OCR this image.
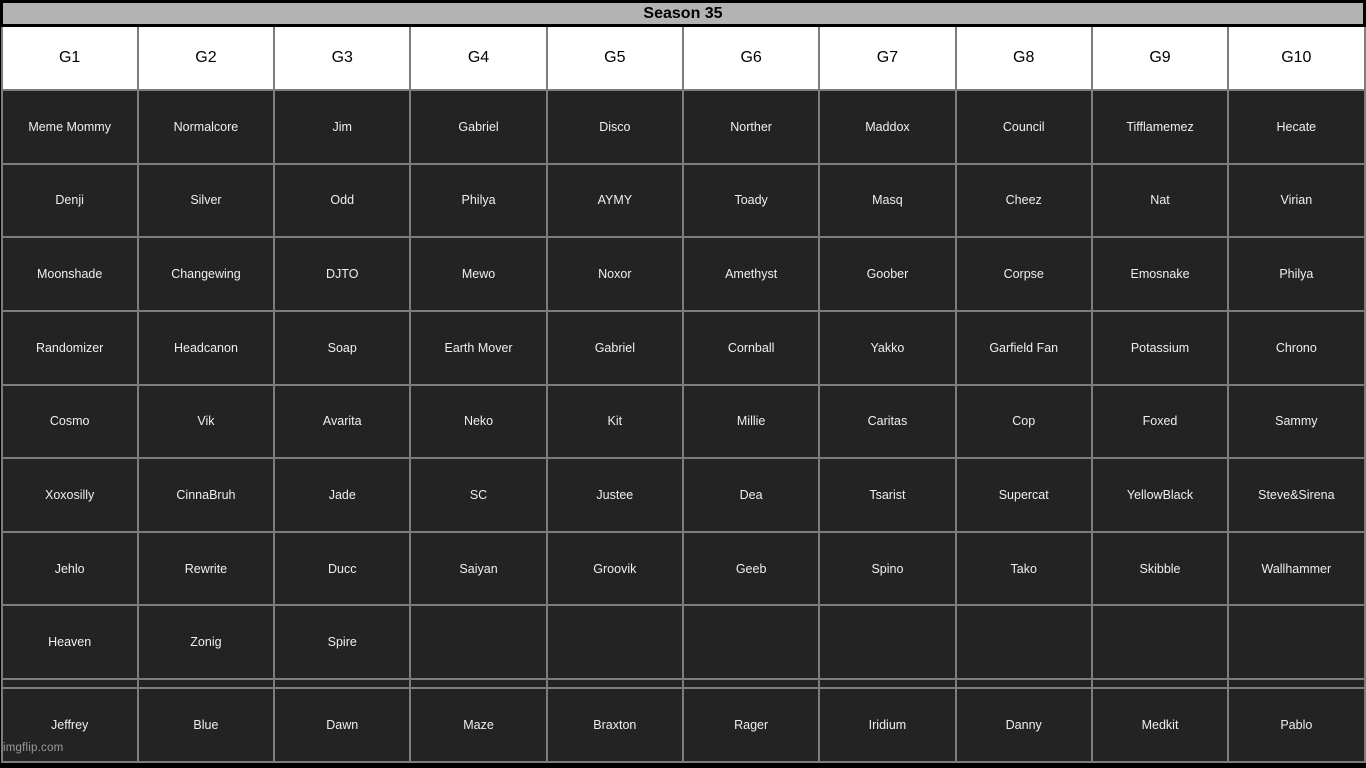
Season 35									
G1	G2	G3	G4	G5	G6	G7	G8	G9	G10
Meme Mommy	Normalcore	Jim	Gabriel	Disco	Norther	Maddox	Council	Tifflamemez	Hecate
Denji	Silver	Odd	Philya	AYMY	Toady	Masq	Cheez	Nat	Virian
Moonshade	Changewing	DJTO	Mewo	Noxor	Amethyst	Goober	Corpse	Emosnake	Philya
Randomizer	Headcanon	Soap	Earth Mover	Gabriel	Cornball	Yakko	Garfield Fan	Potassium	Chrono
Cosmo	Vik	Avarita	Neko	Kit	Millie	Caritas	Cop	Foxed	Sammy
Xoxosilly	CinnaBruh	Jade	SC	Justee	Dea	Tsarist	Supercat	YellowBlack	Steve&Sirena
Jehlo	Rewrite	Ducc	Saiyan	Groovik	Geeb	Spino	Tako	Skibble	Wallhammer
Heaven	Zonig	Spire							

Jeffrey	Blue	Dawn	Maze	Braxton	Rager	Iridium	Danny	Medkit	Pablo
imgflip.com
